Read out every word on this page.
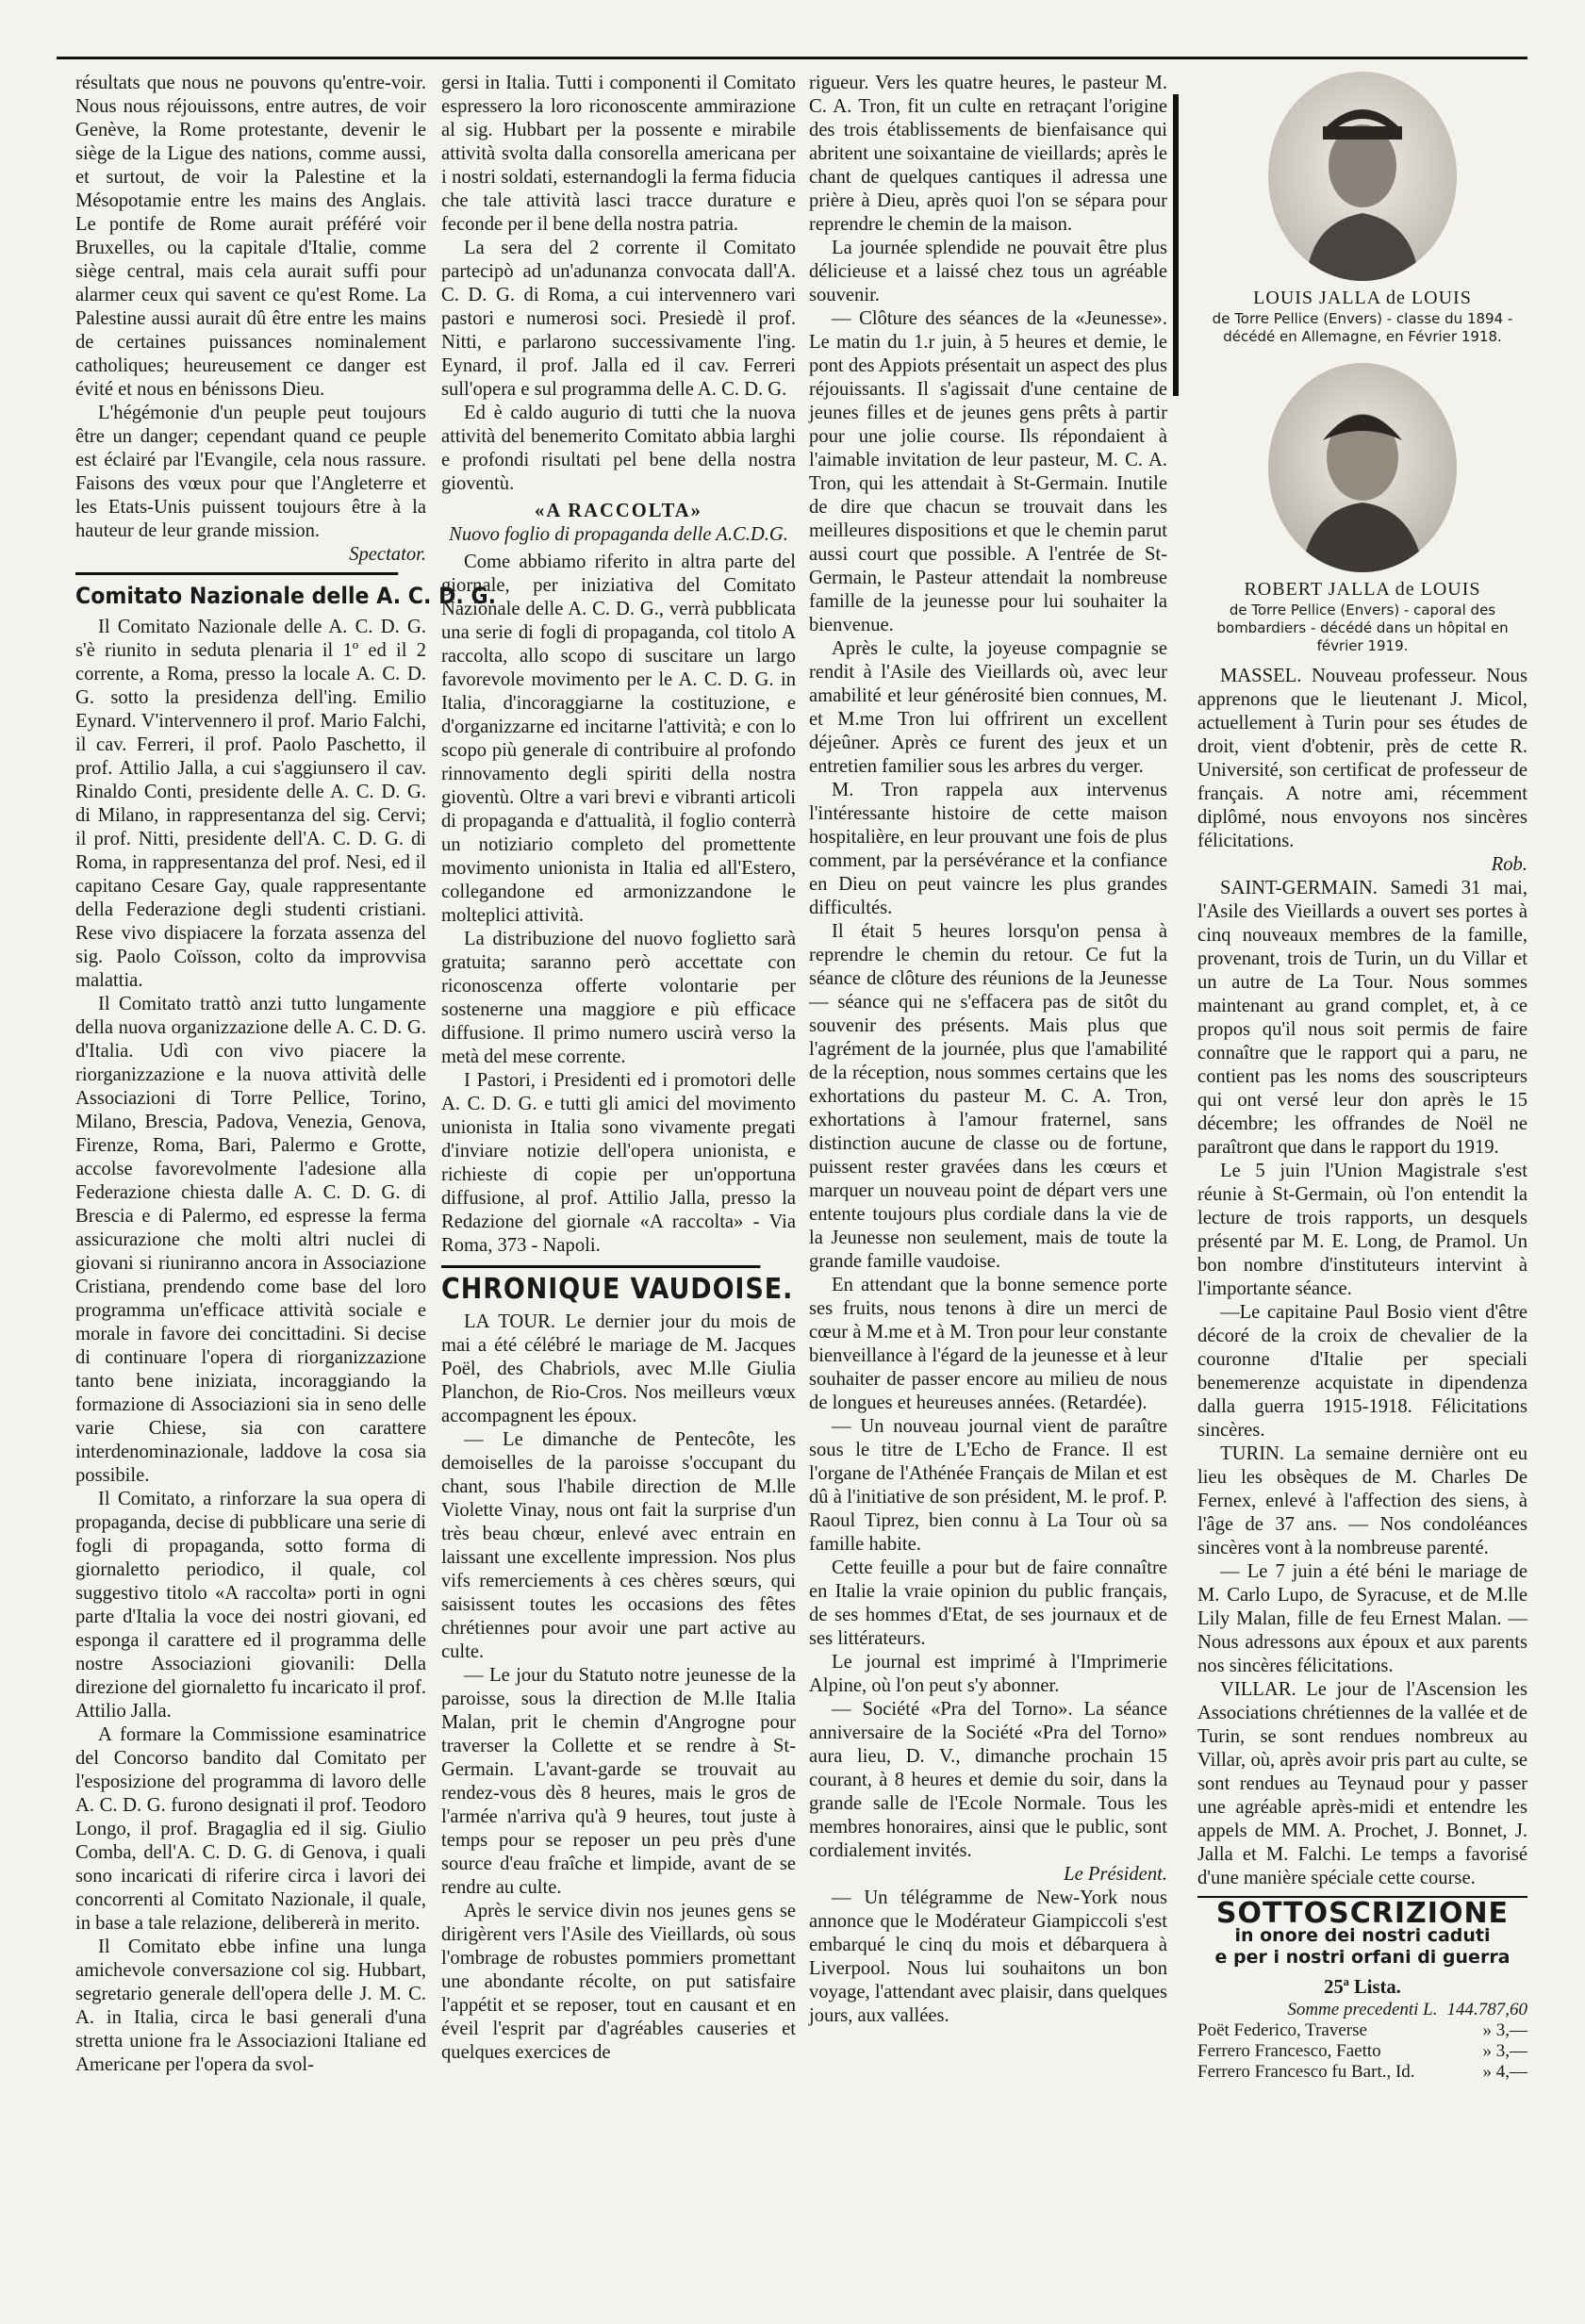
résultats que nous ne pouvons qu'entre-voir. Nous nous réjouissons, entre autres, de voir Genève, la Rome protestante, devenir le siège de la Ligue des nations, comme aussi, et surtout, de voir la Palestine et la Mésopotamie entre les mains des Anglais. Le pontife de Rome aurait préféré voir Bruxelles, ou la capitale d'Italie, comme siège central, mais cela aurait suffi pour alarmer ceux qui savent ce qu'est Rome. La Palestine aussi aurait dû être entre les mains de certaines puissances nominalement catholiques; heureusement ce danger est évité et nous en bénissons Dieu.

L'hégémonie d'un peuple peut toujours être un danger; cependant quand ce peuple est éclairé par l'Evangile, cela nous rassure. Faisons des vœux pour que l'Angleterre et les Etats-Unis puissent toujours être à la hauteur de leur grande mission.

Spectator.
Comitato Nazionale delle A. C. D. G.

Il Comitato Nazionale delle A. C. D. G. s'è riunito in seduta plenaria il 1º ed il 2 corrente, a Roma, presso la locale A. C. D. G. sotto la presidenza dell'ing. Emilio Eynard. V'intervennero il prof. Mario Falchi, il cav. Ferreri, il prof. Paolo Paschetto, il prof. Attilio Jalla, a cui s'aggiunsero il cav. Rinaldo Conti, presidente delle A. C. D. G. di Milano, in rappresentanza del sig. Cervi; il prof. Nitti, presidente dell'A. C. D. G. di Roma, in rappresentanza del prof. Nesi, ed il capitano Cesare Gay, quale rappresentante della Federazione degli studenti cristiani. Rese vivo dispiacere la forzata assenza del sig. Paolo Coïsson, colto da improvvisa malattia.

Il Comitato trattò anzi tutto lungamente della nuova organizzazione delle A. C. D. G. d'Italia. Udì con vivo piacere la riorganizzazione e la nuova attività delle Associazioni di Torre Pellice, Torino, Milano, Brescia, Padova, Venezia, Genova, Firenze, Roma, Bari, Palermo e Grotte, accolse favorevolmente l'adesione alla Federazione chiesta dalle A. C. D. G. di Brescia e di Palermo, ed espresse la ferma assicurazione che molti altri nuclei di giovani si riuniranno ancora in Associazione Cristiana, prendendo come base del loro programma un'efficace attività sociale e morale in favore dei concittadini. Si decise di continuare l'opera di riorganizzazione tanto bene iniziata, incoraggiando la formazione di Associazioni sia in seno delle varie Chiese, sia con carattere interdenominazionale, laddove la cosa sia possibile.

Il Comitato, a rinforzare la sua opera di propaganda, decise di pubblicare una serie di fogli di propaganda, sotto forma di giornaletto periodico, il quale, col suggestivo titolo «A raccolta» porti in ogni parte d'Italia la voce dei nostri giovani, ed esponga il carattere ed il programma delle nostre Associazioni giovanili: Della direzione del giornaletto fu incaricato il prof. Attilio Jalla.

A formare la Commissione esaminatrice del Concorso bandito dal Comitato per l'esposizione del programma di lavoro delle A. C. D. G. furono designati il prof. Teodoro Longo, il prof. Bragaglia ed il sig. Giulio Comba, dell'A. C. D. G. di Genova, i quali sono incaricati di riferire circa i lavori dei concorrenti al Comitato Nazionale, il quale, in base a tale relazione, delibererà in merito.

Il Comitato ebbe infine una lunga amichevole conversazione col sig. Hubbart, segretario generale dell'opera delle J. M. C. A. in Italia, circa le basi generali d'una stretta unione fra le Associazioni Italiane ed Americane per l'opera da svol-

gersi in Italia. Tutti i componenti il Comitato espressero la loro riconoscente ammirazione al sig. Hubbart per la possente e mirabile attività svolta dalla consorella americana per i nostri soldati, esternandogli la ferma fiducia che tale attività lasci tracce durature e feconde per il bene della nostra patria.

La sera del 2 corrente il Comitato partecipò ad un'adunanza convocata dall'A. C. D. G. di Roma, a cui intervennero vari pastori e numerosi soci. Presiedè il prof. Nitti, e parlarono successivamente l'ing. Eynard, il prof. Jalla ed il cav. Ferreri sull'opera e sul programma delle A. C. D. G.

Ed è caldo augurio di tutti che la nuova attività del benemerito Comitato abbia larghi e profondi risultati pel bene della nostra gioventù.

«A RACCOLTA»
Nuovo foglio di propaganda delle A.C.D.G.

Come abbiamo riferito in altra parte del giornale, per iniziativa del Comitato Nazionale delle A. C. D. G., verrà pubblicata una serie di fogli di propaganda, col titolo A raccolta, allo scopo di suscitare un largo favorevole movimento per le A. C. D. G. in Italia, d'incoraggiarne la costituzione, e d'organizzarne ed incitarne l'attività; e con lo scopo più generale di contribuire al profondo rinnovamento degli spiriti della nostra gioventù. Oltre a vari brevi e vibranti articoli di propaganda e d'attualità, il foglio conterrà un notiziario completo del promettente movimento unionista in Italia ed all'Estero, collegandone ed armonizzandone le molteplici attività.

La distribuzione del nuovo foglietto sarà gratuita; saranno però accettate con riconoscenza offerte volontarie per sostenerne una maggiore e più efficace diffusione. Il primo numero uscirà verso la metà del mese corrente.

I Pastori, i Presidenti ed i promotori delle A. C. D. G. e tutti gli amici del movimento unionista in Italia sono vivamente pregati d'inviare notizie dell'opera unionista, e richieste di copie per un'opportuna diffusione, al prof. Attilio Jalla, presso la Redazione del giornale «A raccolta» - Via Roma, 373 - Napoli.

CHRONIQUE VAUDOISE.

LA TOUR. Le dernier jour du mois de mai a été célébré le mariage de M. Jacques Poël, des Chabriols, avec M.lle Giulia Planchon, de Rio-Cros. Nos meilleurs vœux accompagnent les époux.

— Le dimanche de Pentecôte, les demoiselles de la paroisse s'occupant du chant, sous l'habile direction de M.lle Violette Vinay, nous ont fait la surprise d'un très beau chœur, enlevé avec entrain en laissant une excellente impression. Nos plus vifs remerciements à ces chères sœurs, qui saisissent toutes les occasions des fêtes chrétiennes pour avoir une part active au culte.

— Le jour du Statuto notre jeunesse de la paroisse, sous la direction de M.lle Italia Malan, prit le chemin d'Angrogne pour traverser la Collette et se rendre à St-Germain. L'avant-garde se trouvait au rendez-vous dès 8 heures, mais le gros de l'armée n'arriva qu'à 9 heures, tout juste à temps pour se reposer un peu près d'une source d'eau fraîche et limpide, avant de se rendre au culte.

Après le service divin nos jeunes gens se dirigèrent vers l'Asile des Vieillards, où sous l'ombrage de robustes pommiers promettant une abondante récolte, on put satisfaire l'appétit et se reposer, tout en causant et en éveil l'esprit par d'agréables causeries et quelques exercices de

rigueur. Vers les quatre heures, le pasteur M. C. A. Tron, fit un culte en retraçant l'origine des trois établissements de bienfaisance qui abritent une soixantaine de vieillards; après le chant de quelques cantiques il adressa une prière à Dieu, après quoi l'on se sépara pour reprendre le chemin de la maison.

La journée splendide ne pouvait être plus délicieuse et a laissé chez tous un agréable souvenir.

— Clôture des séances de la «Jeunesse». Le matin du 1.r juin, à 5 heures et demie, le pont des Appiots présentait un aspect des plus réjouissants. Il s'agissait d'une centaine de jeunes filles et de jeunes gens prêts à partir pour une jolie course. Ils répondaient à l'aimable invitation de leur pasteur, M. C. A. Tron, qui les attendait à St-Germain. Inutile de dire que chacun se trouvait dans les meilleures dispositions et que le chemin parut aussi court que possible. A l'entrée de St-Germain, le Pasteur attendait la nombreuse famille de la jeunesse pour lui souhaiter la bienvenue.

Après le culte, la joyeuse compagnie se rendit à l'Asile des Vieillards où, avec leur amabilité et leur générosité bien connues, M. et M.me Tron lui offrirent un excellent déjeûner. Après ce furent des jeux et un entretien familier sous les arbres du verger.

M. Tron rappela aux intervenus l'intéressante histoire de cette maison hospitalière, en leur prouvant une fois de plus comment, par la persévérance et la confiance en Dieu on peut vaincre les plus grandes difficultés.

Il était 5 heures lorsqu'on pensa à reprendre le chemin du retour. Ce fut la séance de clôture des réunions de la Jeunesse — séance qui ne s'effacera pas de sitôt du souvenir des présents. Mais plus que l'agrément de la journée, plus que l'amabilité de la réception, nous sommes certains que les exhortations du pasteur M. C. A. Tron, exhortations à l'amour fraternel, sans distinction aucune de classe ou de fortune, puissent rester gravées dans les cœurs et marquer un nouveau point de départ vers une entente toujours plus cordiale dans la vie de la Jeunesse non seulement, mais de toute la grande famille vaudoise.

En attendant que la bonne semence porte ses fruits, nous tenons à dire un merci de cœur à M.me et à M. Tron pour leur constante bienveillance à l'égard de la jeunesse et à leur souhaiter de passer encore au milieu de nous de longues et heureuses années. (Retardée).

— Un nouveau journal vient de paraître sous le titre de L'Echo de France. Il est l'organe de l'Athénée Français de Milan et est dû à l'initiative de son président, M. le prof. P. Raoul Tiprez, bien connu à La Tour où sa famille habite.

Cette feuille a pour but de faire connaître en Italie la vraie opinion du public français, de ses hommes d'Etat, de ses journaux et de ses littérateurs.

Le journal est imprimé à l'Imprimerie Alpine, où l'on peut s'y abonner.

— Société «Pra del Torno». La séance anniversaire de la Société «Pra del Torno» aura lieu, D. V., dimanche prochain 15 courant, à 8 heures et demie du soir, dans la grande salle de l'Ecole Normale. Tous les membres honoraires, ainsi que le public, sont cordialement invités.

Le Président.

— Un télégramme de New-York nous annonce que le Modérateur Giampiccoli s'est embarqué le cinq du mois et débarquera à Liverpool. Nous lui souhaitons un bon voyage, l'attendant avec plaisir, dans quelques jours, aux vallées.

LOUIS JALLA de LOUIS
de Torre Pellice (Envers) - classe du 1894 - décédé en Allemagne, en Février 1918.
ROBERT JALLA de LOUIS
de Torre Pellice (Envers) - caporal des bombardiers - décédé dans un hôpital en février 1919.

MASSEL. Nouveau professeur. Nous apprenons que le lieutenant J. Micol, actuellement à Turin pour ses études de droit, vient d'obtenir, près de cette R. Université, son certificat de professeur de français. A notre ami, récemment diplômé, nous envoyons nos sincères félicitations.

Rob.

SAINT-GERMAIN. Samedi 31 mai, l'Asile des Vieillards a ouvert ses portes à cinq nouveaux membres de la famille, provenant, trois de Turin, un du Villar et un autre de La Tour. Nous sommes maintenant au grand complet, et, à ce propos qu'il nous soit permis de faire connaître que le rapport qui a paru, ne contient pas les noms des souscripteurs qui ont versé leur don après le 15 décembre; les offrandes de Noël ne paraîtront que dans le rapport du 1919.

Le 5 juin l'Union Magistrale s'est réunie à St-Germain, où l'on entendit la lecture de trois rapports, un desquels présenté par M. E. Long, de Pramol. Un bon nombre d'instituteurs intervint à l'importante séance.

—Le capitaine Paul Bosio vient d'être décoré de la croix de chevalier de la couronne d'Italie per speciali benemerenze acquistate in dipendenza dalla guerra 1915-1918. Félicitations sincères.

TURIN. La semaine dernière ont eu lieu les obsèques de M. Charles De Fernex, enlevé à l'affection des siens, à l'âge de 37 ans. — Nos condoléances sincères vont à la nombreuse parenté.

— Le 7 juin a été béni le mariage de M. Carlo Lupo, de Syracuse, et de M.lle Lily Malan, fille de feu Ernest Malan. — Nous adressons aux époux et aux parents nos sincères félicitations.

VILLAR. Le jour de l'Ascension les Associations chrétiennes de la vallée et de Turin, se sont rendues nombreux au Villar, où, après avoir pris part au culte, se sont rendues au Teynaud pour y passer une agréable après-midi et entendre les appels de MM. A. Prochet, J. Bonnet, J. Jalla et M. Falchi. Le temps a favorisé d'une manière spéciale cette course.

SOTTOSCRIZIONE
in onore dei nostri caduti
e per i nostri orfani di guerra
25ª Lista.
Somme precedenti L. 144.787,60
Poët Federico, Traverse	» 3,—
Ferrero Francesco, Faetto	» 3,—
Ferrero Francesco fu Bart., Id.	» 4,—
